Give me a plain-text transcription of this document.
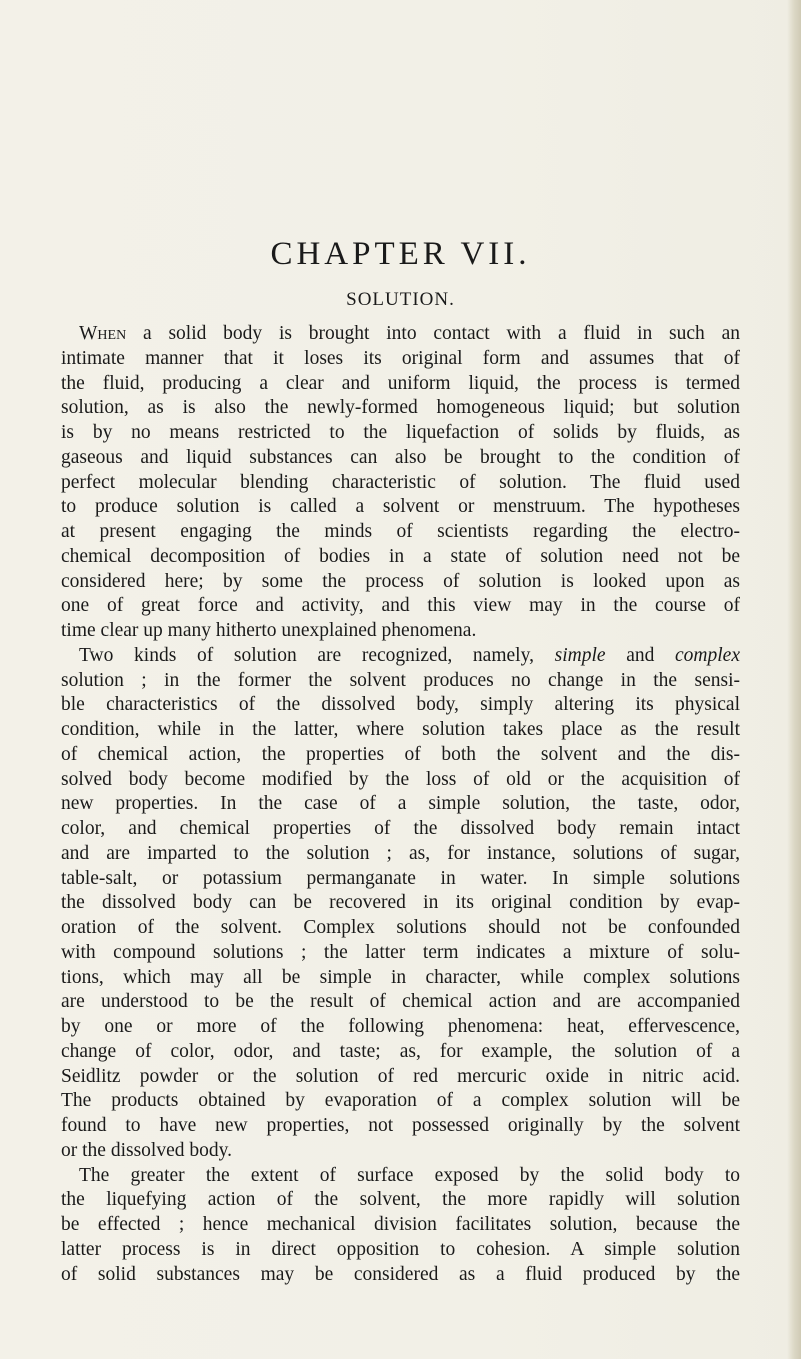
CHAPTER VII.
SOLUTION.
When a solid body is brought into contact with a fluid in such an
intimate manner that it loses its original form and assumes that of
the fluid, producing a clear and uniform liquid, the process is termed
solution, as is also the newly-formed homogeneous liquid; but solution
is by no means restricted to the liquefaction of solids by fluids, as
gaseous and liquid substances can also be brought to the condition of
perfect molecular blending characteristic of solution. The fluid used
to produce solution is called a solvent or menstruum. The hypotheses
at present engaging the minds of scientists regarding the electro-
chemical decomposition of bodies in a state of solution need not be
considered here; by some the process of solution is looked upon as
one of great force and activity, and this view may in the course of
time clear up many hitherto unexplained phenomena.
Two kinds of solution are recognized, namely, simple and complex
solution ; in the former the solvent produces no change in the sensi-
ble characteristics of the dissolved body, simply altering its physical
condition, while in the latter, where solution takes place as the result
of chemical action, the properties of both the solvent and the dis-
solved body become modified by the loss of old or the acquisition of
new properties. In the case of a simple solution, the taste, odor,
color, and chemical properties of the dissolved body remain intact
and are imparted to the solution ; as, for instance, solutions of sugar,
table-salt, or potassium permanganate in water. In simple solutions
the dissolved body can be recovered in its original condition by evap-
oration of the solvent. Complex solutions should not be confounded
with compound solutions ; the latter term indicates a mixture of solu-
tions, which may all be simple in character, while complex solutions
are understood to be the result of chemical action and are accompanied
by one or more of the following phenomena: heat, effervescence,
change of color, odor, and taste; as, for example, the solution of a
Seidlitz powder or the solution of red mercuric oxide in nitric acid.
The products obtained by evaporation of a complex solution will be
found to have new properties, not possessed originally by the solvent
or the dissolved body.
The greater the extent of surface exposed by the solid body to
the liquefying action of the solvent, the more rapidly will solution
be effected ; hence mechanical division facilitates solution, because the
latter process is in direct opposition to cohesion. A simple solution
of solid substances may be considered as a fluid produced by the
